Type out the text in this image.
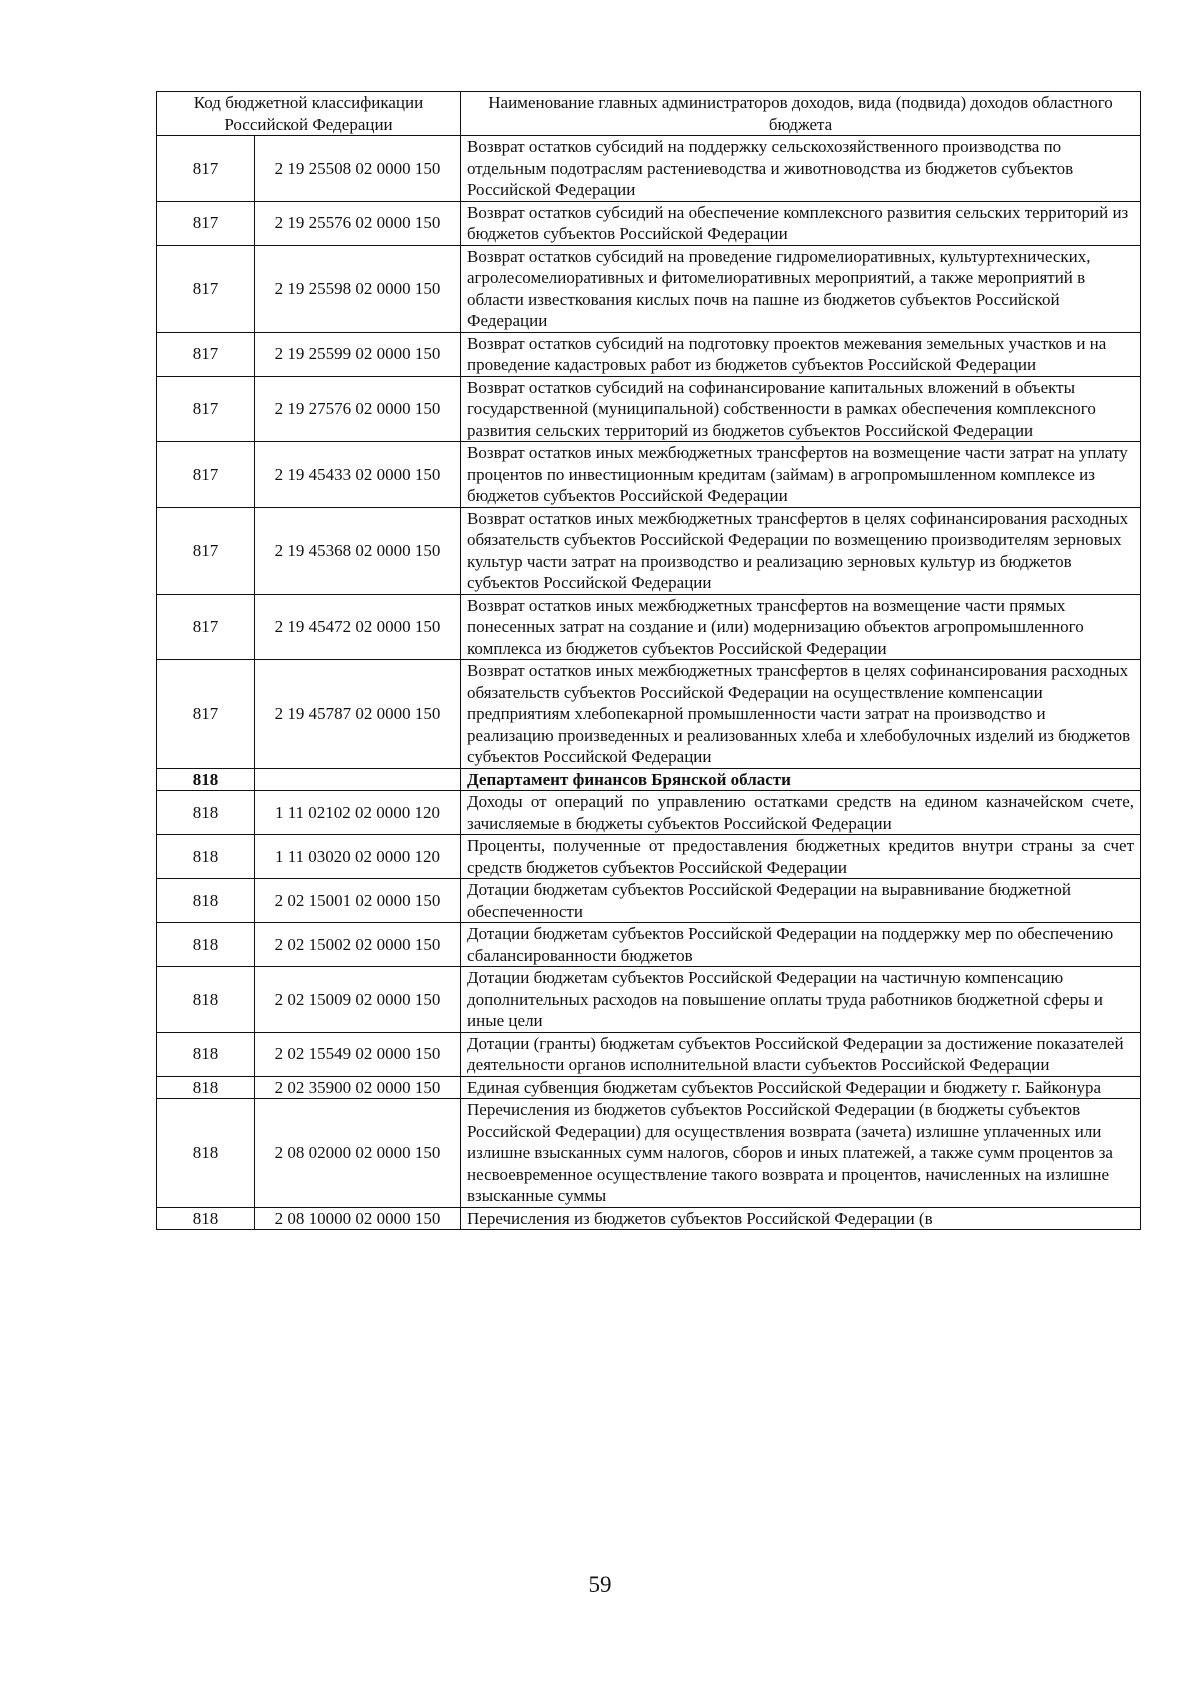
Код бюджетной классификации Российской Федерации		Наименование главных администраторов доходов, вида (подвида) доходов областного бюджета
817	2 19 25508 02 0000 150	Возврат остатков субсидий на поддержку сельскохозяйственного производства по отдельным подотраслям растениеводства и животноводства из бюджетов субъектов Российской Федерации
817	2 19 25576 02 0000 150	Возврат остатков субсидий на обеспечение комплексного развития сельских территорий из бюджетов субъектов Российской Федерации
817	2 19 25598 02 0000 150	Возврат остатков субсидий на проведение гидромелиоративных, культуртехнических, агролесомелиоративных и фитомелиоративных мероприятий, а также мероприятий в области известкования кислых почв на пашне из бюджетов субъектов Российской Федерации
817	2 19 25599 02 0000 150	Возврат остатков субсидий на подготовку проектов межевания земельных участков и на проведение кадастровых работ из бюджетов субъектов Российской Федерации
817	2 19 27576 02 0000 150	Возврат остатков субсидий на софинансирование капитальных вложений в объекты государственной (муниципальной) собственности в рамках обеспечения комплексного развития сельских территорий из бюджетов субъектов Российской Федерации
817	2 19 45433 02 0000 150	Возврат остатков иных межбюджетных трансфертов на возмещение части затрат на уплату процентов по инвестиционным кредитам (займам) в агропромышленном комплексе из бюджетов субъектов Российской Федерации
817	2 19 45368 02 0000 150	Возврат остатков иных межбюджетных трансфертов в целях софинансирования расходных обязательств субъектов Российской Федерации по возмещению производителям зерновых культур части затрат на производство и реализацию зерновых культур из бюджетов субъектов Российской Федерации
817	2 19 45472 02 0000 150	Возврат остатков иных межбюджетных трансфертов на возмещение части прямых понесенных затрат на создание и (или) модернизацию объектов агропромышленного комплекса из бюджетов субъектов Российской Федерации
817	2 19 45787 02 0000 150	Возврат остатков иных межбюджетных трансфертов в целях софинансирования расходных обязательств субъектов Российской Федерации на осуществление компенсации предприятиям хлебопекарной промышленности части затрат на производство и реализацию произведенных и реализованных хлеба и хлебобулочных изделий из бюджетов субъектов Российской Федерации
818		Департамент финансов Брянской области
818	1 11 02102 02 0000 120	Доходы от операций по управлению остатками средств на едином казначейском счете, зачисляемые в бюджеты субъектов Российской Федерации
818	1 11 03020 02 0000 120	Проценты, полученные от предоставления бюджетных кредитов внутри страны за счет средств бюджетов субъектов Российской Федерации
818	2 02 15001 02 0000 150	Дотации бюджетам субъектов Российской Федерации на выравнивание бюджетной обеспеченности
818	2 02 15002 02 0000 150	Дотации бюджетам субъектов Российской Федерации на поддержку мер по обеспечению сбалансированности бюджетов
818	2 02 15009 02 0000 150	Дотации бюджетам субъектов Российской Федерации на частичную компенсацию дополнительных расходов на повышение оплаты труда работников бюджетной сферы и иные цели
818	2 02 15549 02 0000 150	Дотации (гранты) бюджетам субъектов Российской Федерации за достижение показателей деятельности органов исполнительной власти субъектов Российской Федерации
818	2 02 35900 02 0000 150	Единая субвенция бюджетам субъектов Российской Федерации и бюджету г. Байконура
818	2 08 02000 02 0000 150	Перечисления из бюджетов субъектов Российской Федерации (в бюджеты субъектов Российской Федерации) для осуществления возврата (зачета) излишне уплаченных или излишне взысканных сумм налогов, сборов и иных платежей, а также сумм процентов за несвоевременное осуществление такого возврата и процентов, начисленных на излишне взысканные суммы
818	2 08 10000 02 0000 150	Перечисления из бюджетов субъектов Российской Федерации (в
59
